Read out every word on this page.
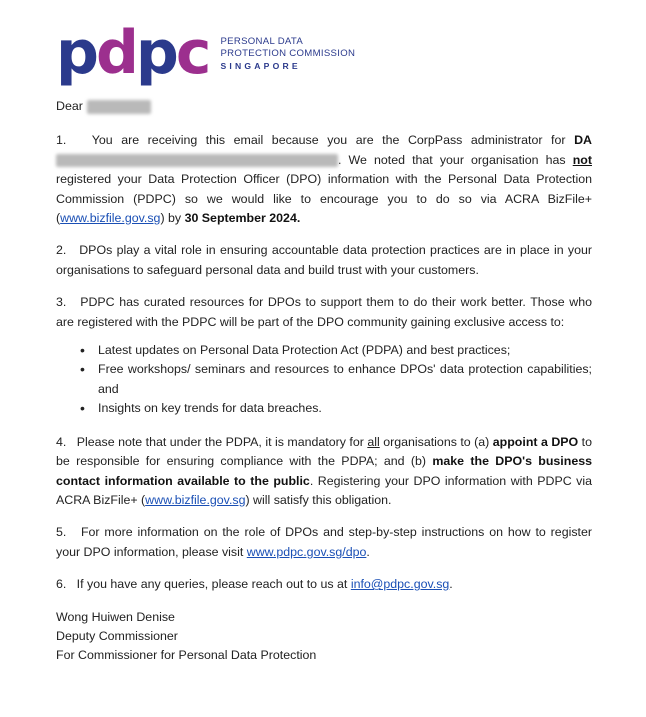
pdpc PERSONAL DATA
PROTECTION COMMISSION
SINGAPORE

Dear

1. You are receiving this email because you are the CorpPass administrator for DA . We noted that your organisation has not registered your Data Protection Officer (DPO) information with the Personal Data Protection Commission (PDPC) so we would like to encourage you to do so via ACRA BizFile+ (www.bizfile.gov.sg) by 30 September 2024.

2. DPOs play a vital role in ensuring accountable data protection practices are in place in your organisations to safeguard personal data and build trust with your customers.

3. PDPC has curated resources for DPOs to support them to do their work better. Those who are registered with the PDPC will be part of the DPO community gaining exclusive access to:

• Latest updates on Personal Data Protection Act (PDPA) and best practices;
• Free workshops/ seminars and resources to enhance DPOs' data protection capabilities; and
• Insights on key trends for data breaches.

4. Please note that under the PDPA, it is mandatory for all organisations to (a) appoint a DPO to be responsible for ensuring compliance with the PDPA; and (b) make the DPO's business contact information available to the public. Registering your DPO information with PDPC via ACRA BizFile+ (www.bizfile.gov.sg) will satisfy this obligation.

5. For more information on the role of DPOs and step-by-step instructions on how to register your DPO information, please visit www.pdpc.gov.sg/dpo.

6. If you have any queries, please reach out to us at info@pdpc.gov.sg.

Wong Huiwen Denise
Deputy Commissioner
For Commissioner for Personal Data Protection
